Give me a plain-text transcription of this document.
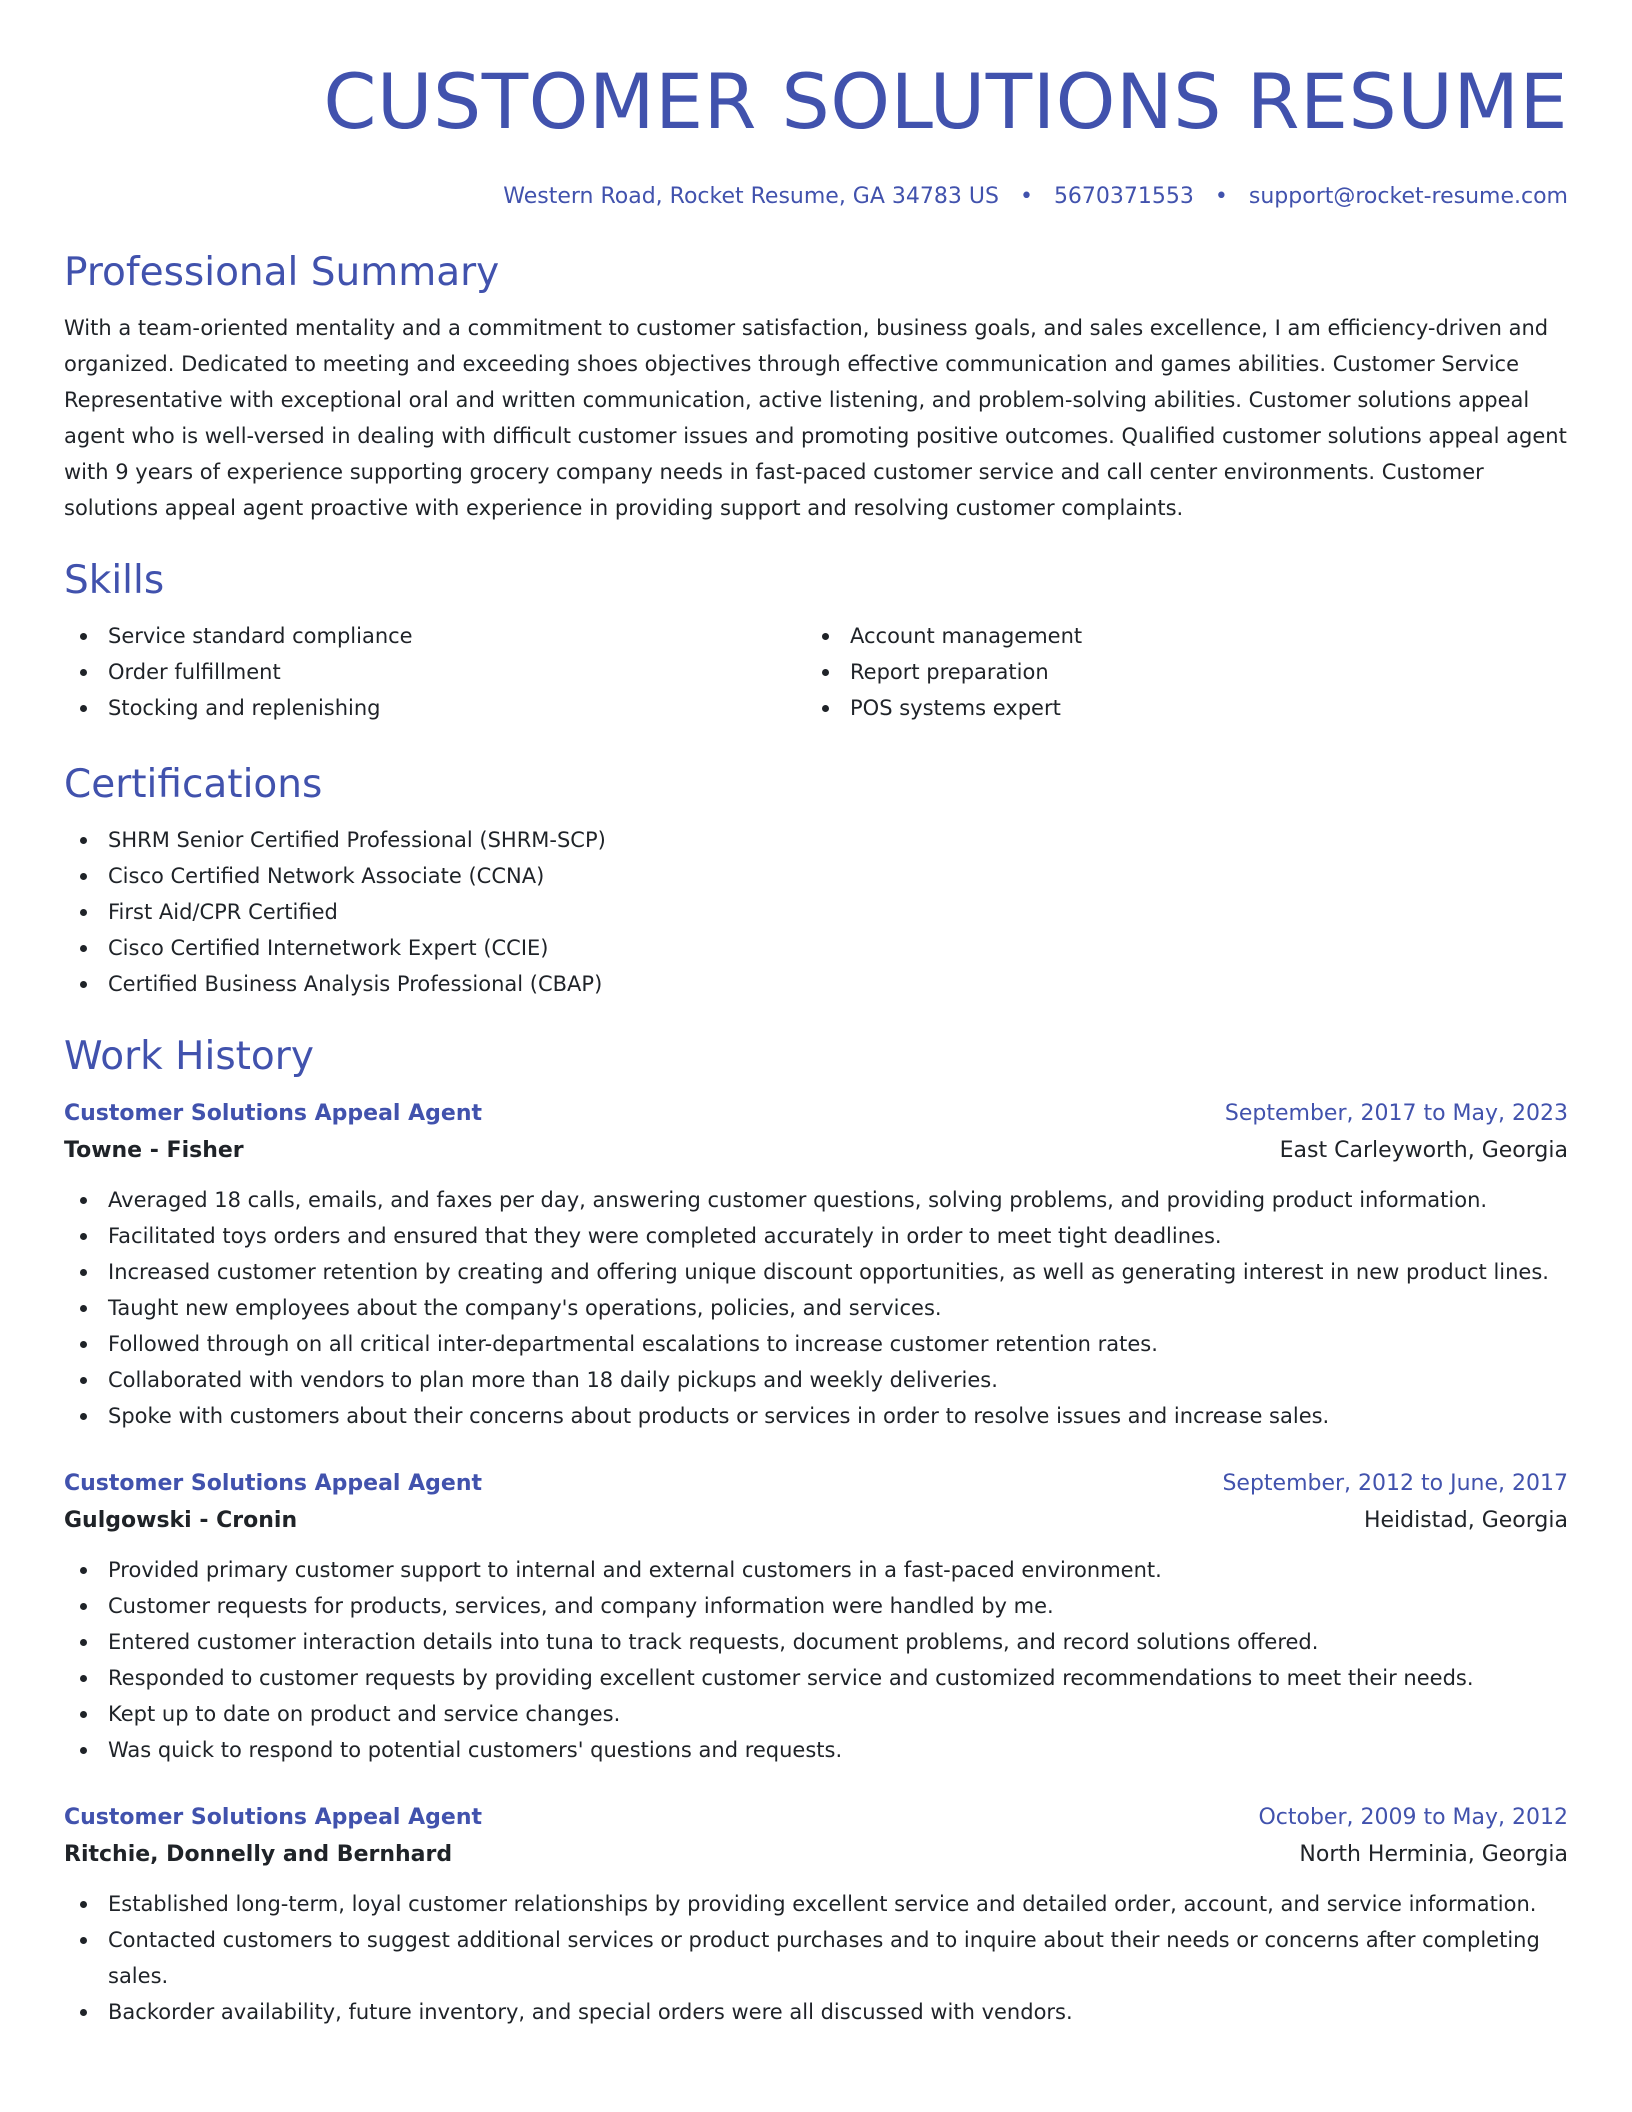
CUSTOMER SOLUTIONS RESUME
Western Road, Rocket Resume, GA 34783 US • 5670371553 • support@rocket-resume.com
Professional Summary

With a team-oriented mentality and a commitment to customer satisfaction, business goals, and sales excellence, I am efficiency-driven and organized. Dedicated to meeting and exceeding shoes objectives through effective communication and games abilities. Customer Service Representative with exceptional oral and written communication, active listening, and problem-solving abilities. Customer solutions appeal agent who is well-versed in dealing with difficult customer issues and promoting positive outcomes. Qualified customer solutions appeal agent with 9 years of experience supporting grocery company needs in fast-paced customer service and call center environments. Customer solutions appeal agent proactive with experience in providing support and resolving customer complaints.

Skills
Service standard compliance
Order fulfillment
Stocking and replenishing
Account management
Report preparation
POS systems expert
Certifications
SHRM Senior Certified Professional (SHRM-SCP)
Cisco Certified Network Associate (CCNA)
First Aid/CPR Certified
Cisco Certified Internetwork Expert (CCIE)
Certified Business Analysis Professional (CBAP)
Work History
Customer Solutions Appeal Agent	September, 2017 to May, 2023
Towne - Fisher	East Carleyworth, Georgia
Averaged 18 calls, emails, and faxes per day, answering customer questions, solving problems, and providing product information.
Facilitated toys orders and ensured that they were completed accurately in order to meet tight deadlines.
Increased customer retention by creating and offering unique discount opportunities, as well as generating interest in new product lines.
Taught new employees about the company's operations, policies, and services.
Followed through on all critical inter-departmental escalations to increase customer retention rates.
Collaborated with vendors to plan more than 18 daily pickups and weekly deliveries.
Spoke with customers about their concerns about products or services in order to resolve issues and increase sales.
Customer Solutions Appeal Agent	September, 2012 to June, 2017
Gulgowski - Cronin	Heidistad, Georgia
Provided primary customer support to internal and external customers in a fast-paced environment.
Customer requests for products, services, and company information were handled by me.
Entered customer interaction details into tuna to track requests, document problems, and record solutions offered.
Responded to customer requests by providing excellent customer service and customized recommendations to meet their needs.
Kept up to date on product and service changes.
Was quick to respond to potential customers' questions and requests.
Customer Solutions Appeal Agent	October, 2009 to May, 2012
Ritchie, Donnelly and Bernhard	North Herminia, Georgia
Established long-term, loyal customer relationships by providing excellent service and detailed order, account, and service information.
Contacted customers to suggest additional services or product purchases and to inquire about their needs or concerns after completing sales.
Backorder availability, future inventory, and special orders were all discussed with vendors.
